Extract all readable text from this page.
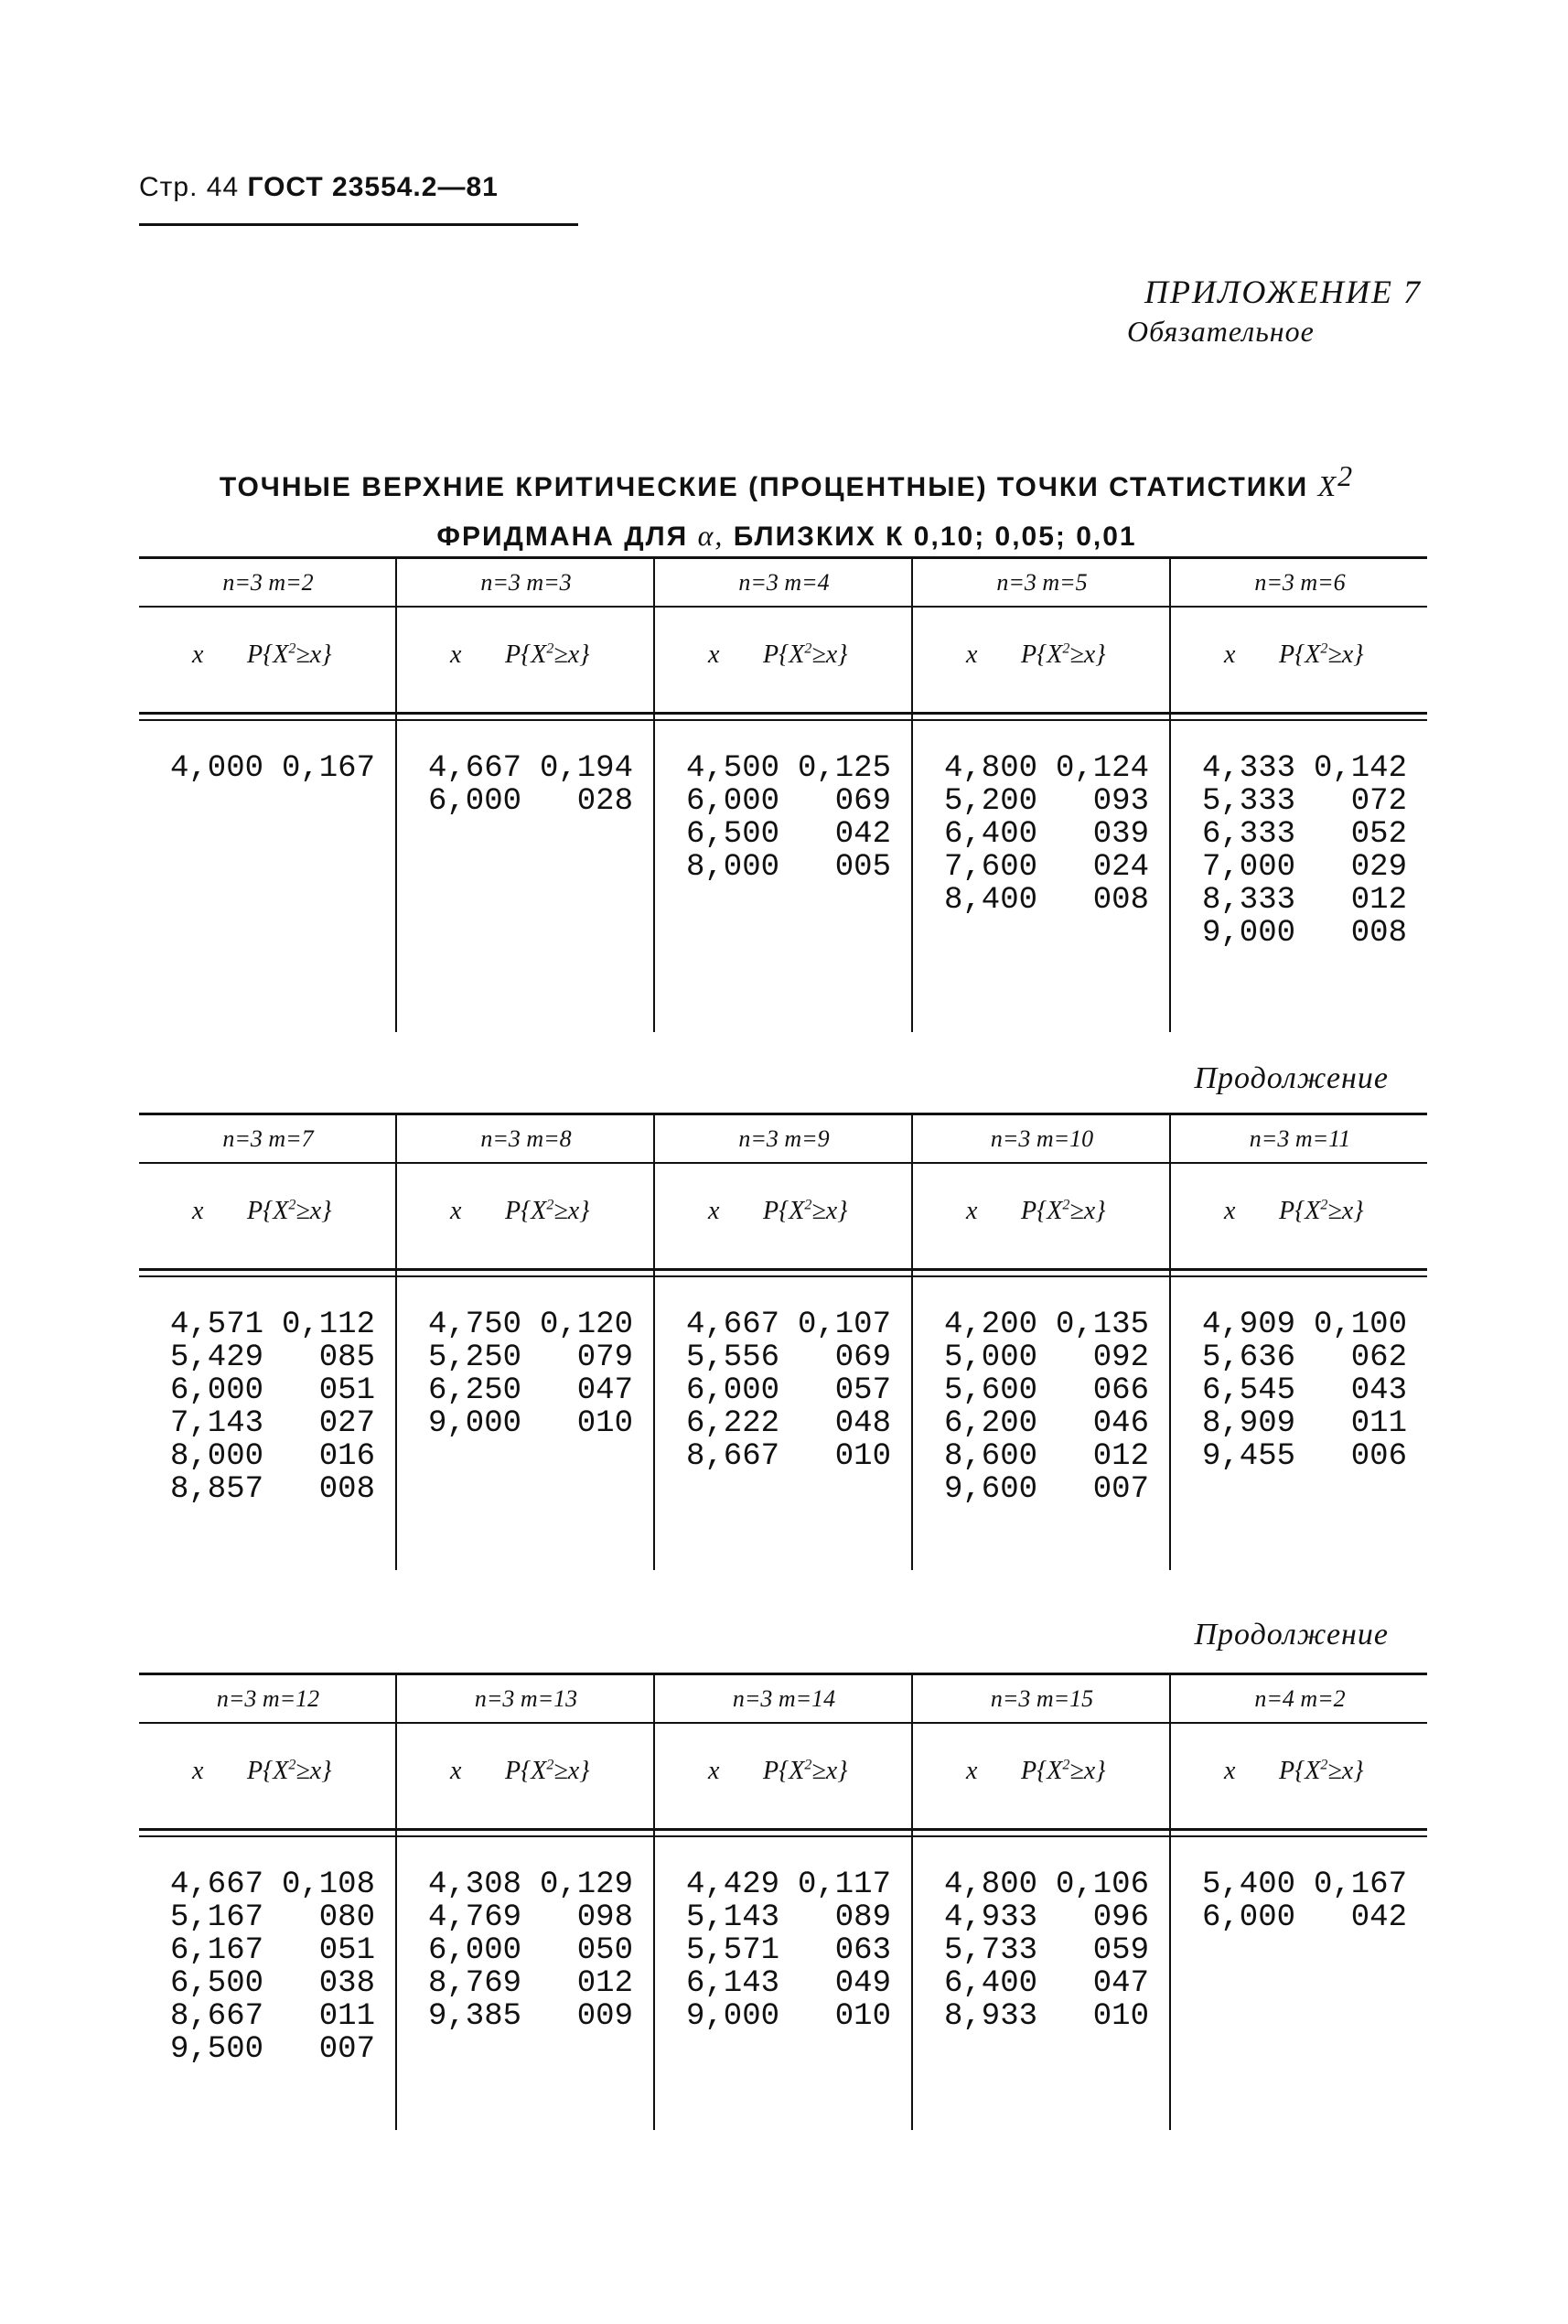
Стр. 44 ГОСТ 23554.2—81
ПРИЛОЖЕНИЕ 7
Обязательное
ТОЧНЫЕ ВЕРХНИЕ КРИТИЧЕСКИЕ (ПРОЦЕНТНЫЕ) ТОЧКИ СТАТИСТИКИ $X^2$
ФРИДМАНА ДЛЯ α, БЛИЗКИХ К 0,10; 0,05; 0,01
Продолжение
Продолжение
n=3 m=2
x $P\{X^2\ge x\}$
4,000 0,167
n=3 m=3
x $P\{X^2\ge x\}$
4,667 0,194
6,000 028
n=3 m=4
x $P\{X^2\ge x\}$
4,500 0,125
6,000 069
6,500 042
8,000 005
n=3 m=5
x $P\{X^2\ge x\}$
4,800 0,124
5,200 093
6,400 039
7,600 024
8,400 008
n=3 m=6
x $P\{X^2\ge x\}$
4,333 0,142
5,333 072
6,333 052
7,000 029
8,333 012
9,000 008
n=3 m=7
x $P\{X^2\ge x\}$
4,571 0,112
5,429 085
6,000 051
7,143 027
8,000 016
8,857 008
n=3 m=8
x $P\{X^2\ge x\}$
4,750 0,120
5,250 079
6,250 047
9,000 010
n=3 m=9
x $P\{X^2\ge x\}$
4,667 0,107
5,556 069
6,000 057
6,222 048
8,667 010
n=3 m=10
x $P\{X^2\ge x\}$
4,200 0,135
5,000 092
5,600 066
6,200 046
8,600 012
9,600 007
n=3 m=11
x $P\{X^2\ge x\}$
4,909 0,100
5,636 062
6,545 043
8,909 011
9,455 006
n=3 m=12
x $P\{X^2\ge x\}$
4,667 0,108
5,167 080
6,167 051
6,500 038
8,667 011
9,500 007
n=3 m=13
x $P\{X^2\ge x\}$
4,308 0,129
4,769 098
6,000 050
8,769 012
9,385 009
n=3 m=14
x $P\{X^2\ge x\}$
4,429 0,117
5,143 089
5,571 063
6,143 049
9,000 010
n=3 m=15
x $P\{X^2\ge x\}$
4,800 0,106
4,933 096
5,733 059
6,400 047
8,933 010
n=4 m=2
x $P\{X^2\ge x\}$
5,400 0,167
6,000 042
